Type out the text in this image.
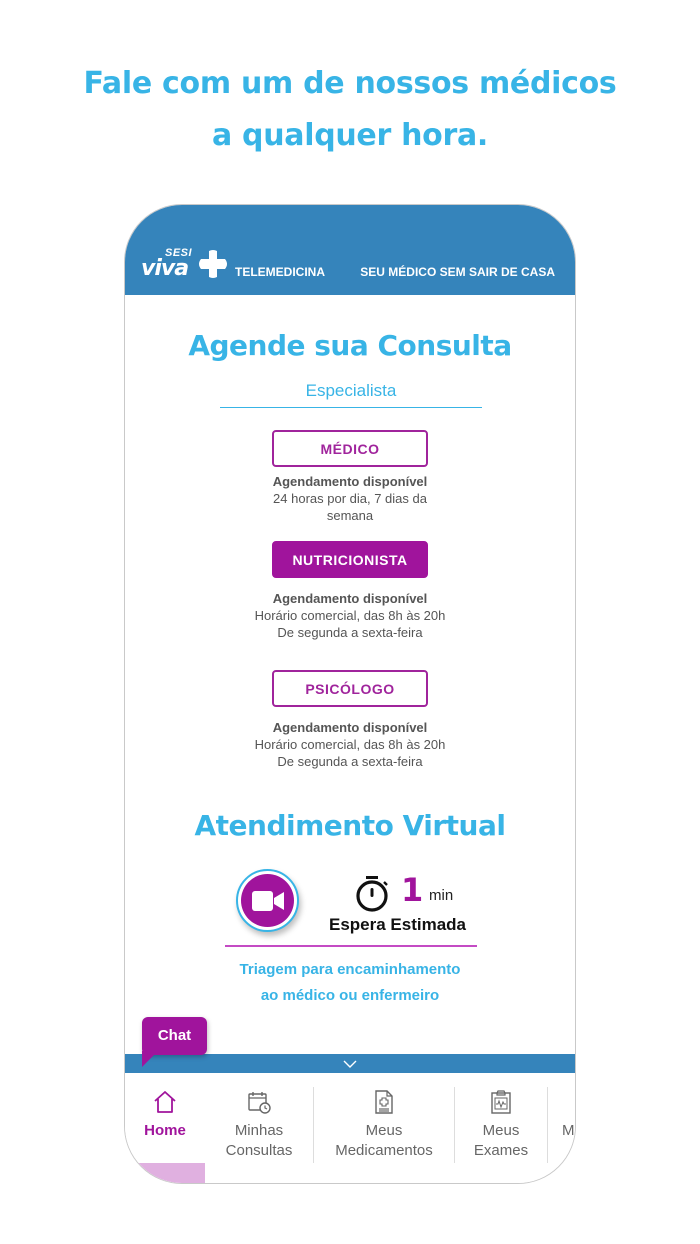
Fale com um de nossos médicos
a qualquer hora.
SESI
viva	TELEMEDICINA	SEU MÉDICO SEM SAIR DE CASA
Agende sua Consulta
Especialista
MÉDICO
Agendamento disponível
24 horas por dia, 7 dias da
semana
NUTRICIONISTA
Agendamento disponível
Horário comercial, das 8h às 20h
De segunda a sexta-feira
PSICÓLOGO
Agendamento disponível
Horário comercial, das 8h às 20h
De segunda a sexta-feira
Atendimento Virtual
1 min
Espera Estimada
Triagem para encaminhamento
ao médico ou enfermeiro
Chat
Home	Minhas
Consultas
Meus
Medicamentos
Meus
Exames
M
